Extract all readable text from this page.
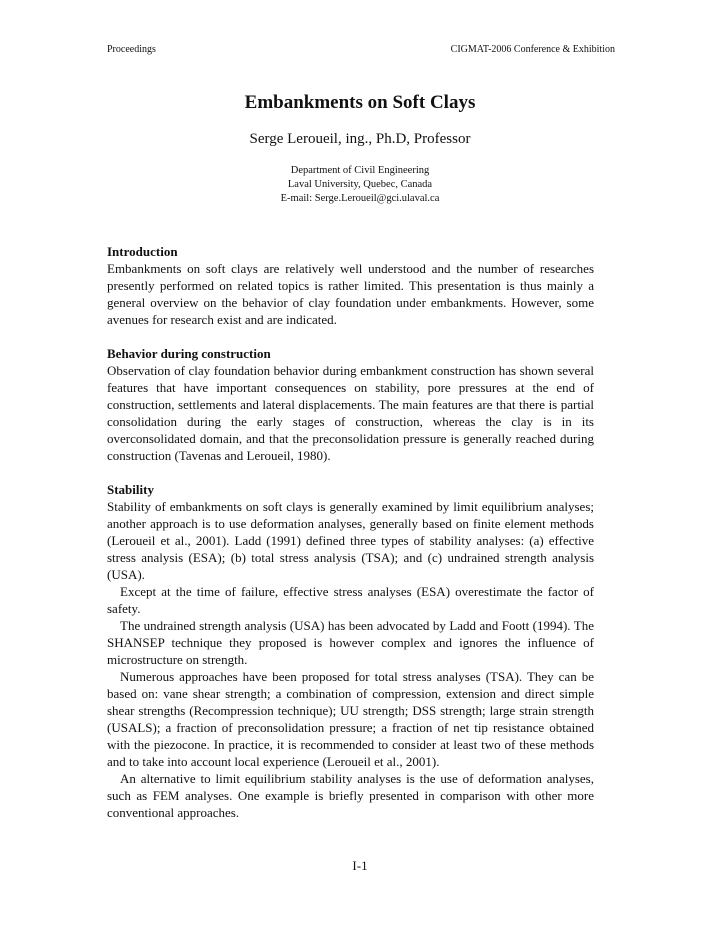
Proceedings	CIGMAT-2006 Conference & Exhibition
Embankments on Soft Clays
Serge Leroueil, ing., Ph.D, Professor
Department of Civil Engineering
Laval University, Quebec, Canada
E-mail: Serge.Leroueil@gci.ulaval.ca

Introduction

Embankments on soft clays are relatively well understood and the number of researches presently performed on related topics is rather limited. This presentation is thus mainly a general overview on the behavior of clay foundation under embankments. However, some avenues for research exist and are indicated.

Behavior during construction

Observation of clay foundation behavior during embankment construction has shown several features that have important consequences on stability, pore pressures at the end of construction, settlements and lateral displacements. The main features are that there is partial consolidation during the early stages of construction, whereas the clay is in its overconsolidated domain, and that the preconsolidation pressure is generally reached during construction (Tavenas and Leroueil, 1980).

Stability

Stability of embankments on soft clays is generally examined by limit equilibrium analyses; another approach is to use deformation analyses, generally based on finite element methods (Leroueil et al., 2001). Ladd (1991) defined three types of stability analyses: (a) effective stress analysis (ESA); (b) total stress analysis (TSA); and (c) undrained strength analysis (USA).

Except at the time of failure, effective stress analyses (ESA) overestimate the factor of safety.

The undrained strength analysis (USA) has been advocated by Ladd and Foott (1994). The SHANSEP technique they proposed is however complex and ignores the influence of microstructure on strength.

Numerous approaches have been proposed for total stress analyses (TSA). They can be based on: vane shear strength; a combination of compression, extension and direct simple shear strengths (Recompression technique); UU strength; DSS strength; large strain strength (USALS); a fraction of preconsolidation pressure; a fraction of net tip resistance obtained with the piezocone. In practice, it is recommended to consider at least two of these methods and to take into account local experience (Leroueil et al., 2001).

An alternative to limit equilibrium stability analyses is the use of deformation analyses, such as FEM analyses. One example is briefly presented in comparison with other more conventional approaches.

I-1
